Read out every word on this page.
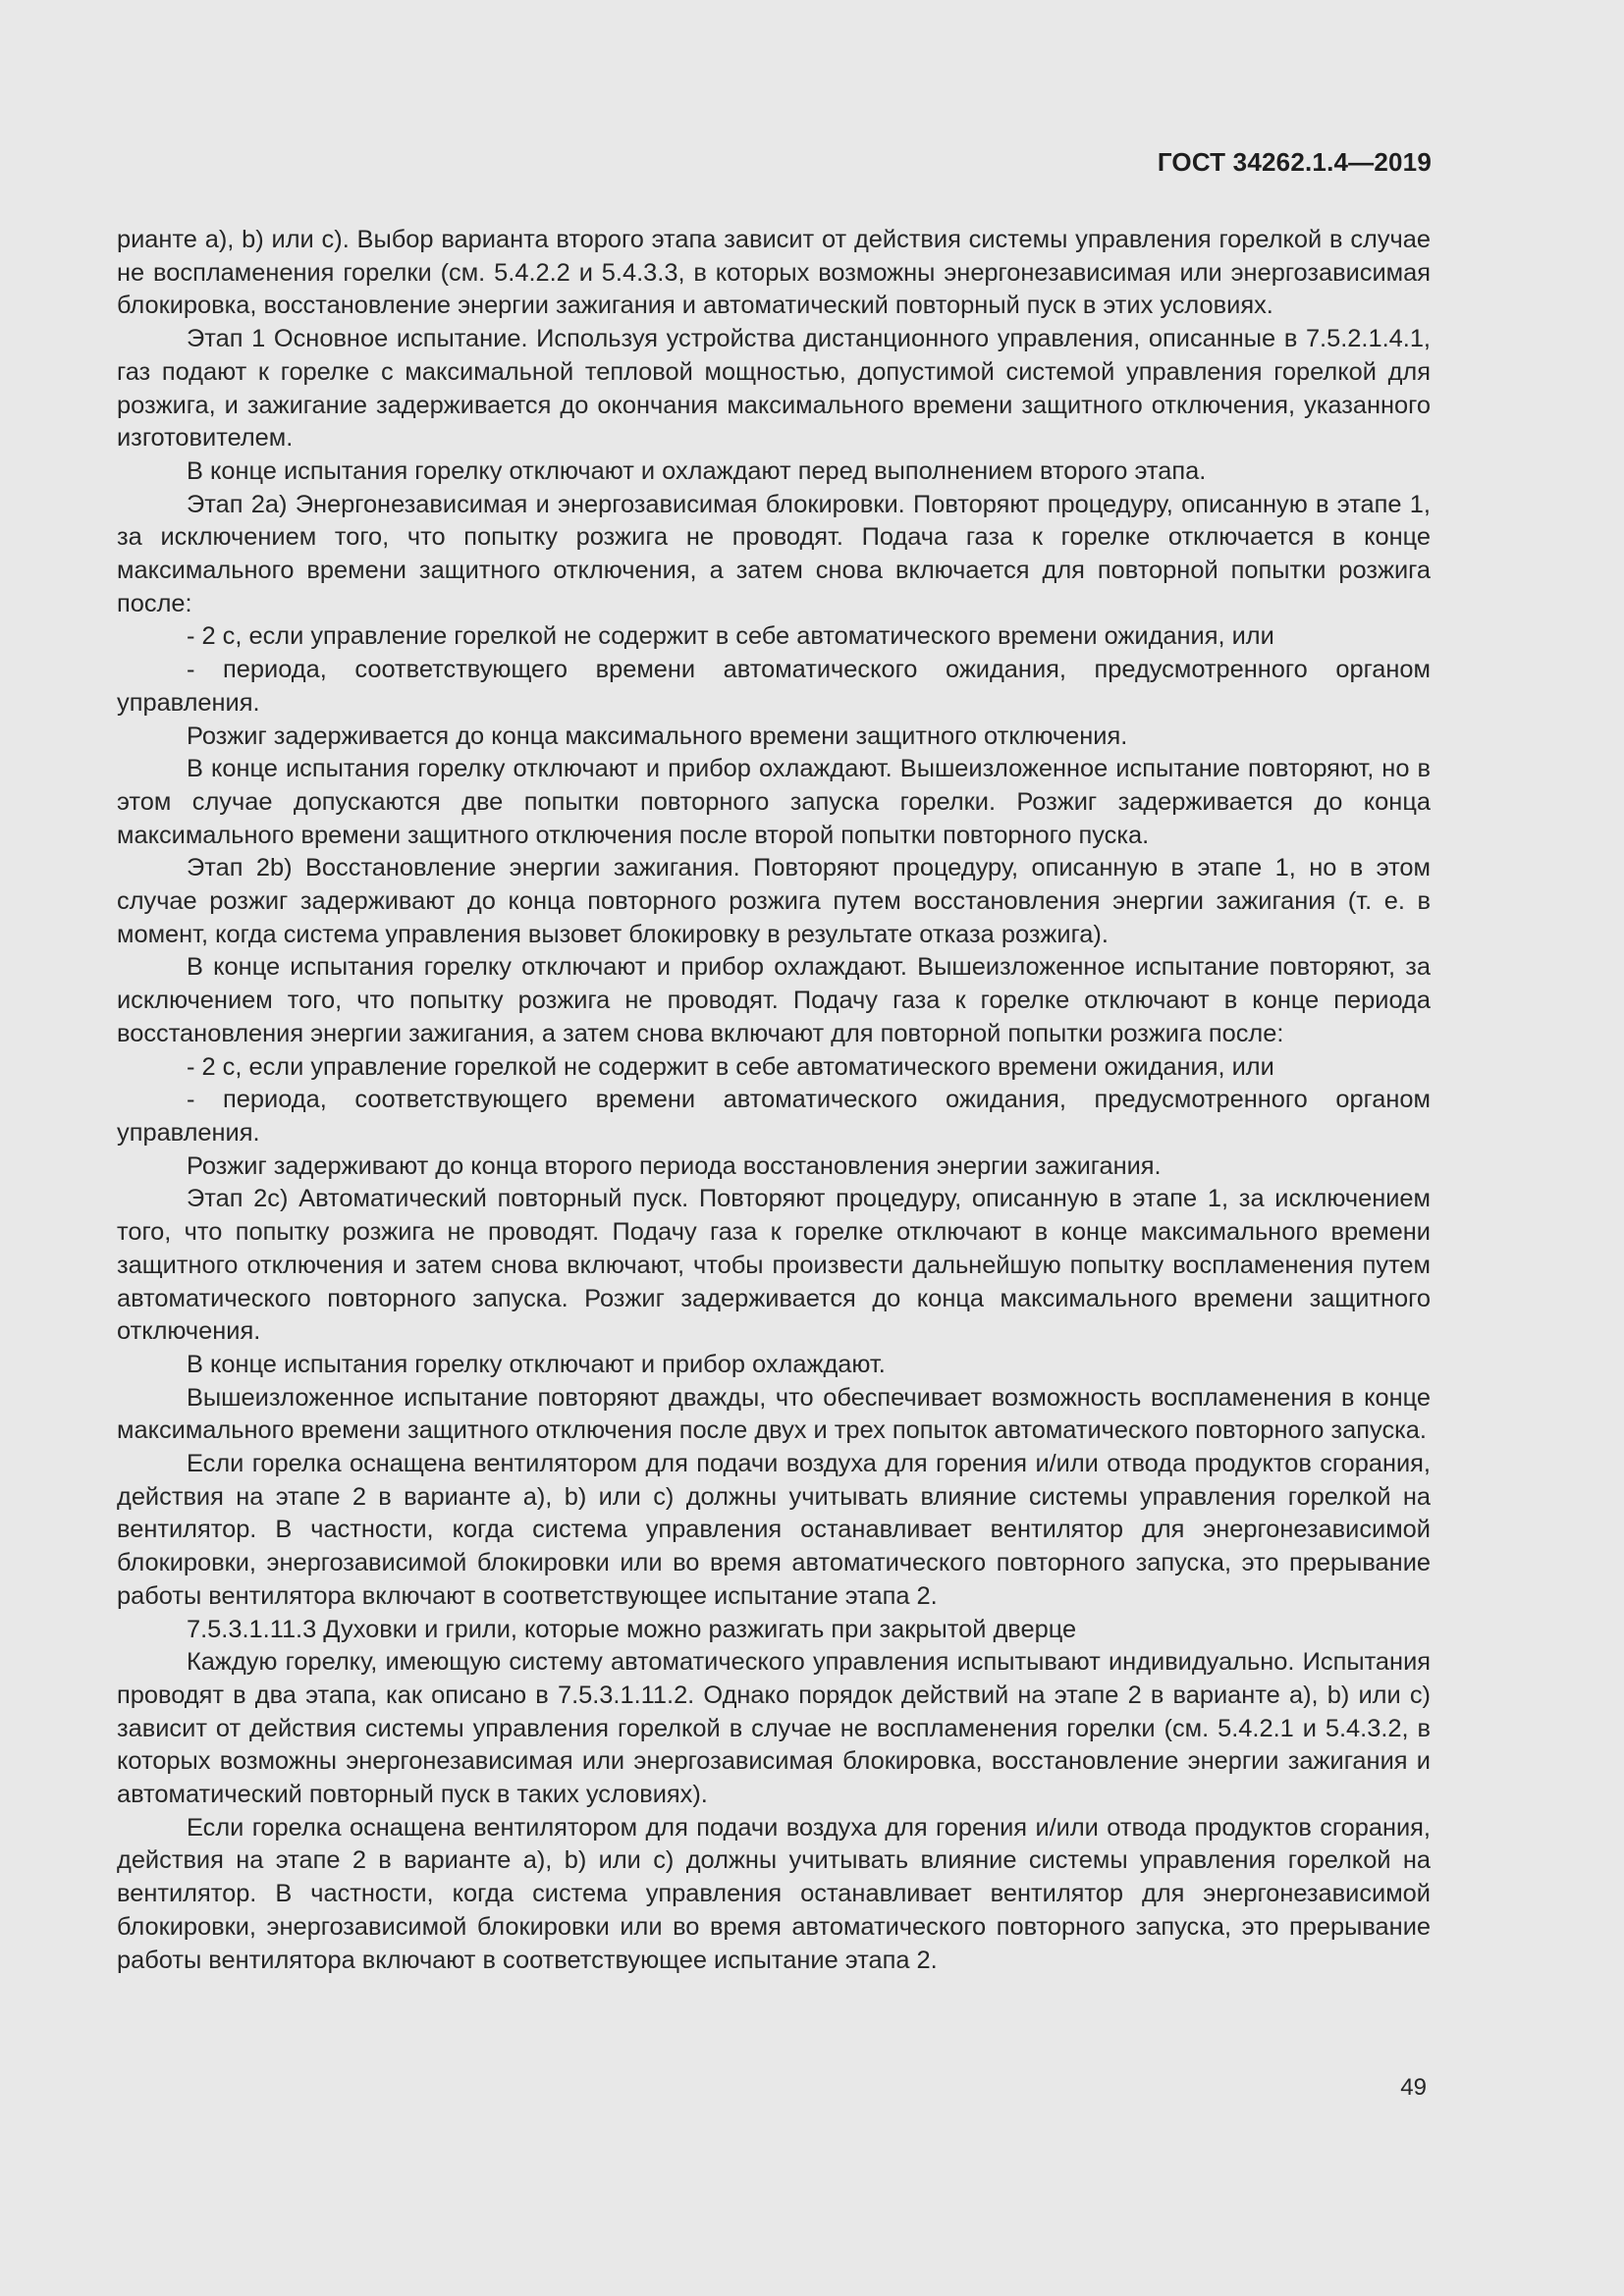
ГОСТ 34262.1.4—2019

рианте а), b) или с). Выбор варианта второго этапа зависит от действия системы управления горелкой в случае не воспламенения горелки (см. 5.4.2.2 и 5.4.3.3, в которых возможны энергонезависимая или энергозависимая блокировка, восстановление энергии зажигания и автоматический повторный пуск в этих условиях.

Этап 1 Основное испытание. Используя устройства дистанционного управления, описанные в 7.5.2.1.4.1, газ подают к горелке с максимальной тепловой мощностью, допустимой системой управления горелкой для розжига, и зажигание задерживается до окончания максимального времени защитного отключения, указанного изготовителем.

В конце испытания горелку отключают и охлаждают перед выполнением второго этапа.

Этап 2а) Энергонезависимая и энергозависимая блокировки. Повторяют процедуру, описанную в этапе 1, за исключением того, что попытку розжига не проводят. Подача газа к горелке отключается в конце максимального времени защитного отключения, а затем снова включается для повторной попытки розжига после:

- 2 с, если управление горелкой не содержит в себе автоматического времени ожидания, или

- периода, соответствующего времени автоматического ожидания, предусмотренного органом управления.

Розжиг задерживается до конца максимального времени защитного отключения.

В конце испытания горелку отключают и прибор охлаждают. Вышеизложенное испытание повторяют, но в этом случае допускаются две попытки повторного запуска горелки. Розжиг задерживается до конца максимального времени защитного отключения после второй попытки повторного пуска.

Этап 2b) Восстановление энергии зажигания. Повторяют процедуру, описанную в этапе 1, но в этом случае розжиг задерживают до конца повторного розжига путем восстановления энергии зажигания (т. е. в момент, когда система управления вызовет блокировку в результате отказа розжига).

В конце испытания горелку отключают и прибор охлаждают. Вышеизложенное испытание повторяют, за исключением того, что попытку розжига не проводят. Подачу газа к горелке отключают в конце периода восстановления энергии зажигания, а затем снова включают для повторной попытки розжига после:

- 2 с, если управление горелкой не содержит в себе автоматического времени ожидания, или

- периода, соответствующего времени автоматического ожидания, предусмотренного органом управления.

Розжиг задерживают до конца второго периода восстановления энергии зажигания.

Этап 2с) Автоматический повторный пуск. Повторяют процедуру, описанную в этапе 1, за исключением того, что попытку розжига не проводят. Подачу газа к горелке отключают в конце максимального времени защитного отключения и затем снова включают, чтобы произвести дальнейшую попытку воспламенения путем автоматического повторного запуска. Розжиг задерживается до конца максимального времени защитного отключения.

В конце испытания горелку отключают и прибор охлаждают.

Вышеизложенное испытание повторяют дважды, что обеспечивает возможность воспламенения в конце максимального времени защитного отключения после двух и трех попыток автоматического повторного запуска.

Если горелка оснащена вентилятором для подачи воздуха для горения и/или отвода продуктов сгорания, действия на этапе 2 в варианте а), b) или с) должны учитывать влияние системы управления горелкой на вентилятор. В частности, когда система управления останавливает вентилятор для энергонезависимой блокировки, энергозависимой блокировки или во время автоматического повторного запуска, это прерывание работы вентилятора включают в соответствующее испытание этапа 2.

7.5.3.1.11.3 Духовки и грили, которые можно разжигать при закрытой дверце

Каждую горелку, имеющую систему автоматического управления испытывают индивидуально. Испытания проводят в два этапа, как описано в 7.5.3.1.11.2. Однако порядок действий на этапе 2 в варианте а), b) или с) зависит от действия системы управления горелкой в случае не воспламенения горелки (см. 5.4.2.1 и 5.4.3.2, в которых возможны энергонезависимая или энергозависимая блокировка, восстановление энергии зажигания и автоматический повторный пуск в таких условиях).

Если горелка оснащена вентилятором для подачи воздуха для горения и/или отвода продуктов сгорания, действия на этапе 2 в варианте а), b) или с) должны учитывать влияние системы управления горелкой на вентилятор. В частности, когда система управления останавливает вентилятор для энергонезависимой блокировки, энергозависимой блокировки или во время автоматического повторного запуска, это прерывание работы вентилятора включают в соответствующее испытание этапа 2.

49
